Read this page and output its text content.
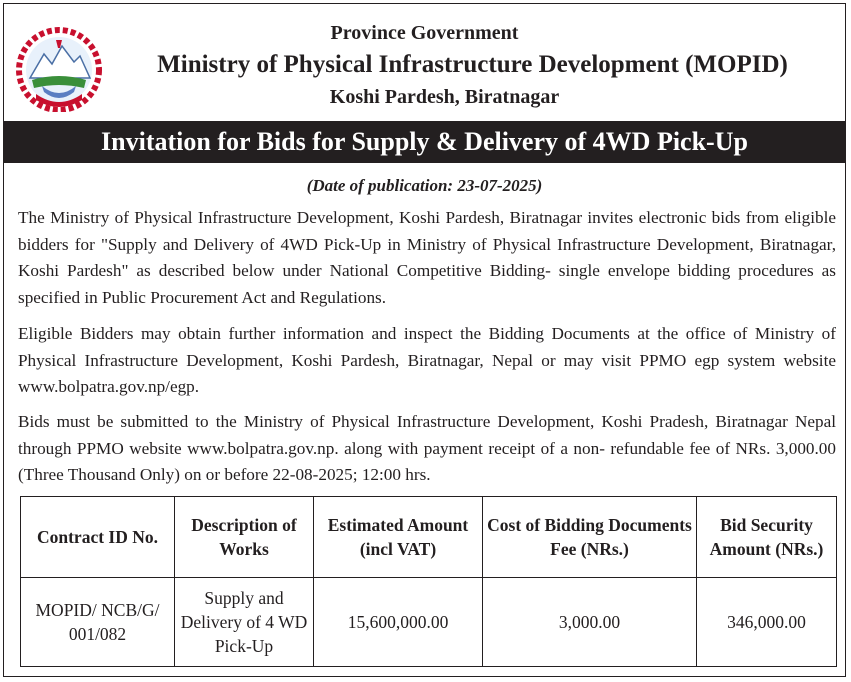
Province Government
Ministry of Physical Infrastructure Development (MOPID)
Koshi Pardesh, Biratnagar
Invitation for Bids for Supply & Delivery of 4WD Pick-Up
(Date of publication: 23-07-2025)

The Ministry of Physical Infrastructure Development, Koshi Pardesh, Biratnagar invites electronic bids from eligible bidders for "Supply and Delivery of 4WD Pick-Up in Ministry of Physical Infrastructure Development, Biratnagar, Koshi Pardesh" as described below under National Competitive Bidding- single envelope bidding procedures as specified in Public Procurement Act and Regulations.

Eligible Bidders may obtain further information and inspect the Bidding Documents at the office of Ministry of Physical Infrastructure Development, Koshi Pardesh, Biratnagar, Nepal or may visit PPMO egp system website www.bolpatra.gov.np/egp.

Bids must be submitted to the Ministry of Physical Infrastructure Development, Koshi Pradesh, Biratnagar Nepal through PPMO website www.bolpatra.gov.np. along with payment receipt of a non- refundable fee of NRs. 3,000.00 (Three Thousand Only) on or before 22-08-2025; 12:00 hrs.

Contract ID No.	Description of Works	Estimated Amount (incl VAT)	Cost of Bidding Documents Fee (NRs.)	Bid Security Amount (NRs.)
MOPID/ NCB/G/ 001/082	Supply and Delivery of 4 WD Pick-Up	15,600,000.00	3,000.00	346,000.00
